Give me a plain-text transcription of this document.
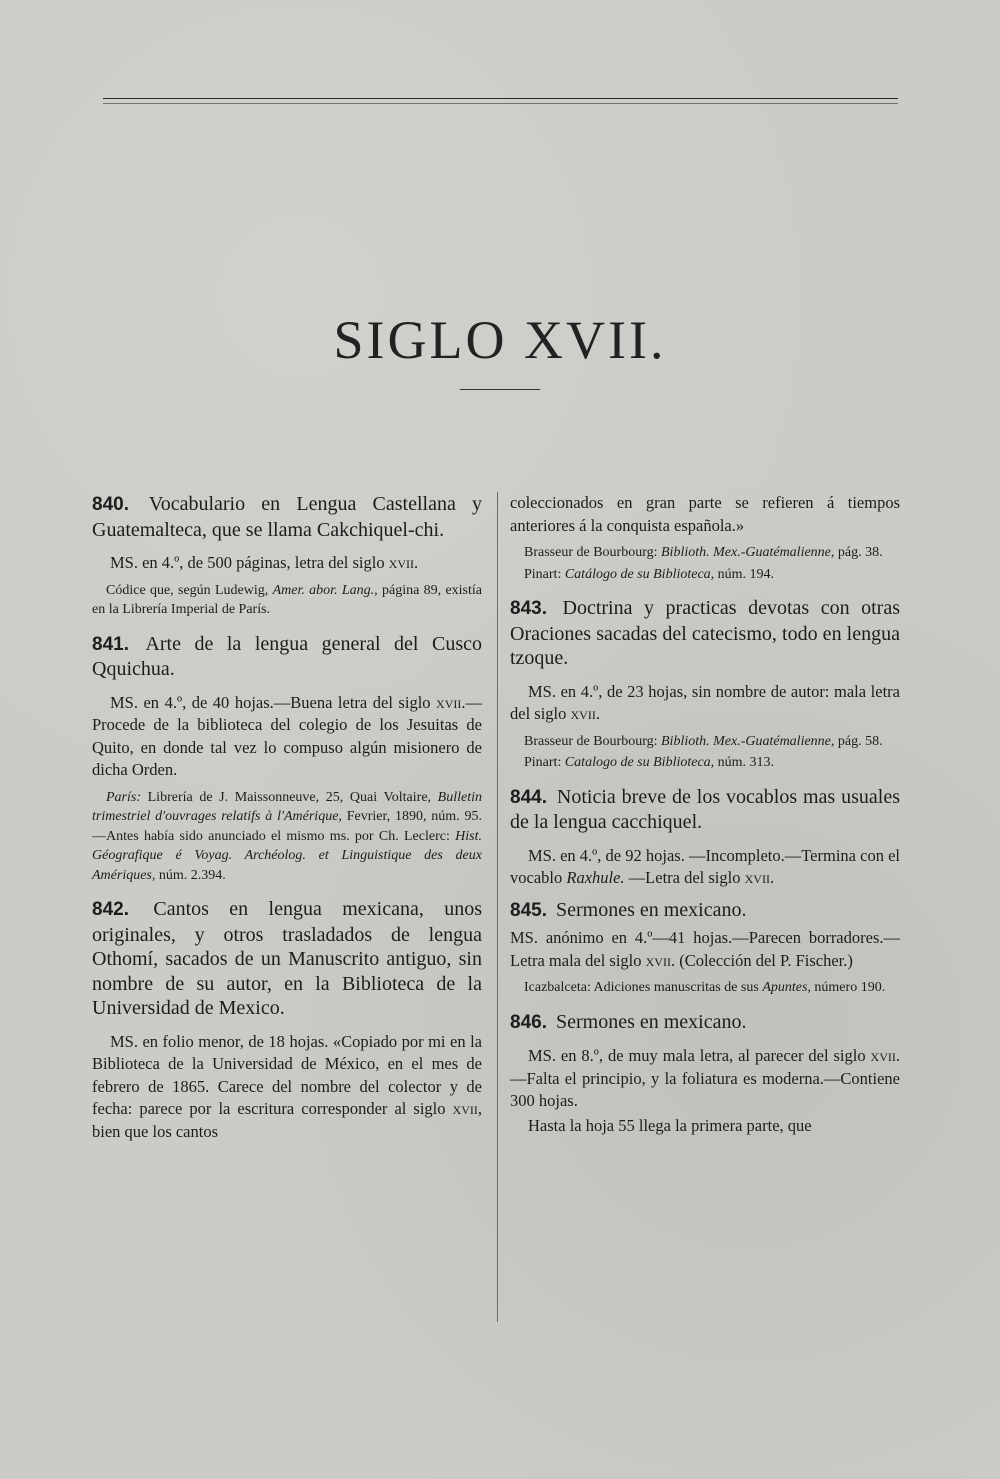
SIGLO XVII.

840. Vocabulario en Lengua Castellana y Guatemalteca, que se llama Cakchiquel-chi.

MS. en 4.º, de 500 páginas, letra del siglo xvii.

Códice que, según Ludewig, Amer. abor. Lang., página 89, existía en la Librería Imperial de París.

841. Arte de la lengua general del Cusco Qquichua.

MS. en 4.º, de 40 hojas.—Buena letra del siglo xvii.—Procede de la biblioteca del colegio de los Jesuitas de Quito, en donde tal vez lo compuso algún misionero de dicha Orden.

París: Librería de J. Maissonneuve, 25, Quai Voltaire, Bulletin trimestriel d'ouvrages relatifs à l'Amérique, Fevrier, 1890, núm. 95. —Antes había sido anunciado el mismo ms. por Ch. Leclerc: Hist. Géografique é Voyag. Archéolog. et Linguistique des deux Amériques, núm. 2.394.

842. Cantos en lengua mexicana, unos originales, y otros trasladados de lengua Othomí, sacados de un Manuscrito antiguo, sin nombre de su autor, en la Biblioteca de la Universidad de Mexico.

MS. en folio menor, de 18 hojas. «Copiado por mi en la Biblioteca de la Universidad de México, en el mes de febrero de 1865. Carece del nombre del colector y de fecha: parece por la escritura corresponder al siglo xvii, bien que los cantos

coleccionados en gran parte se refieren á tiempos anteriores á la conquista española.»

Brasseur de Bourbourg: Biblioth. Mex.-Guatémalienne, pág. 38.

Pinart: Catálogo de su Biblioteca, núm. 194.

843. Doctrina y practicas devotas con otras Oraciones sacadas del catecismo, todo en lengua tzoque.

MS. en 4.º, de 23 hojas, sin nombre de autor: mala letra del siglo xvii.

Brasseur de Bourbourg: Biblioth. Mex.-Guatémalienne, pág. 58.

Pinart: Catalogo de su Biblioteca, núm. 313.

844. Noticia breve de los vocablos mas usuales de la lengua cacchiquel.

MS. en 4.º, de 92 hojas. —Incompleto.—Termina con el vocablo Raxhule. —Letra del siglo xvii.

845. Sermones en mexicano.

MS. anónimo en 4.º—41 hojas.—Parecen borradores.—Letra mala del siglo xvii. (Colección del P. Fischer.)

Icazbalceta: Adiciones manuscritas de sus Apuntes, número 190.

846. Sermones en mexicano.

MS. en 8.º, de muy mala letra, al parecer del siglo xvii.—Falta el principio, y la foliatura es moderna.—Contiene 300 hojas.

Hasta la hoja 55 llega la primera parte, que
